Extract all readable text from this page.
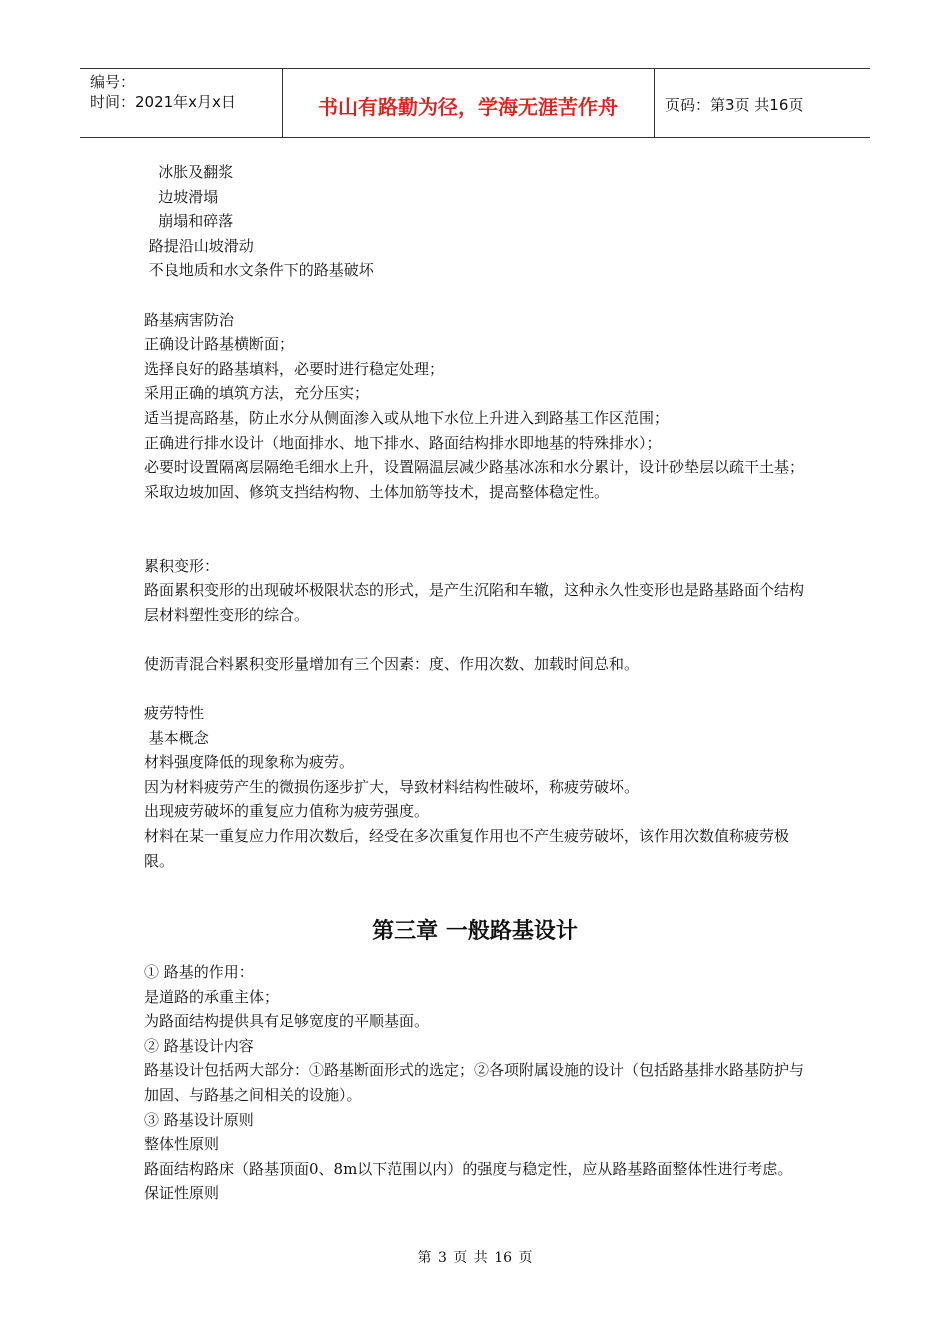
编号：
时间：2021年x月x日	书山有路勤为径，学海无涯苦作舟	页码：第3页 共16页
冰胀及翻浆
边坡滑塌
崩塌和碎落
路提沿山坡滑动
不良地质和水文条件下的路基破坏
路基病害防治
正确设计路基横断面；
选择良好的路基填料，必要时进行稳定处理；
采用正确的填筑方法，充分压实；
适当提高路基，防止水分从侧面渗入或从地下水位上升进入到路基工作区范围；
正确进行排水设计（地面排水、地下排水、路面结构排水即地基的特殊排水）；
必要时设置隔离层隔绝毛细水上升，设置隔温层减少路基冰冻和水分累计，设计砂垫层以疏干土基；
采取边坡加固、修筑支挡结构物、土体加筋等技术，提高整体稳定性。
累积变形：
路面累积变形的出现破坏极限状态的形式，是产生沉陷和车辙，这种永久性变形也是路基路面个结构层材料塑性变形的综合。
使沥青混合料累积变形量增加有三个因素：度、作用次数、加载时间总和。
疲劳特性
基本概念
材料强度降低的现象称为疲劳。
因为材料疲劳产生的微损伤逐步扩大，导致材料结构性破坏，称疲劳破坏。
出现疲劳破坏的重复应力值称为疲劳强度。
材料在某一重复应力作用次数后，经受在多次重复作用也不产生疲劳破坏，该作用次数值称疲劳极限。
第三章 一般路基设计
① 路基的作用：
是道路的承重主体；
为路面结构提供具有足够宽度的平顺基面。
② 路基设计内容
路基设计包括两大部分：①路基断面形式的选定；②各项附属设施的设计（包括路基排水路基防护与加固、与路基之间相关的设施）。
③ 路基设计原则
整体性原则
路面结构路床（路基顶面0、8m以下范围以内）的强度与稳定性，应从路基路面整体性进行考虑。
保证性原则
第 3 页 共 16 页
